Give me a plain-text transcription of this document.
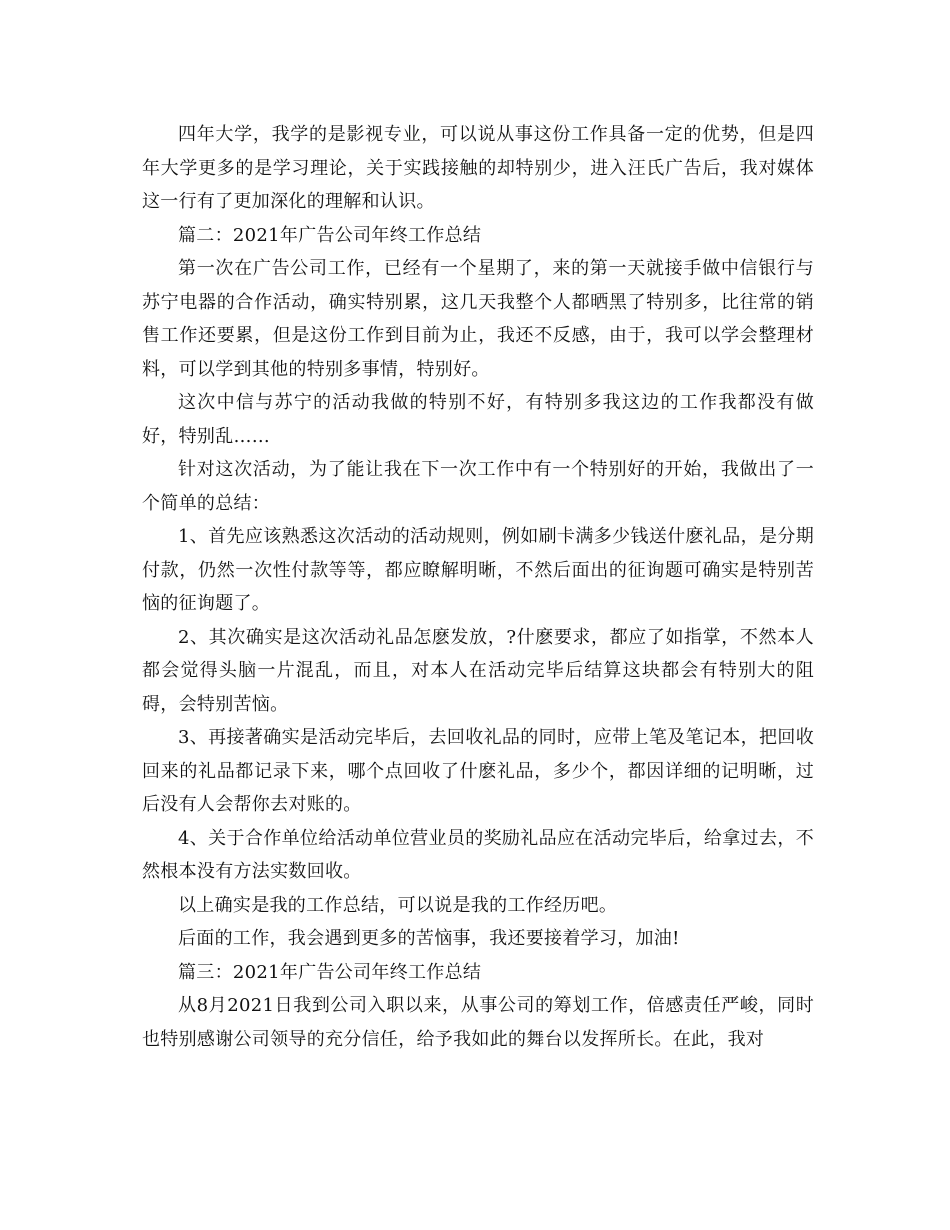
四年大学，我学的是影视专业，可以说从事这份工作具备一定的优势，但是四年大学更多的是学习理论，关于实践接触的却特别少，进入汪氏广告后，我对媒体这一行有了更加深化的理解和认识。

篇二：2021年广告公司年终工作总结

第一次在广告公司工作，已经有一个星期了，来的第一天就接手做中信银行与苏宁电器的合作活动，确实特别累，这几天我整个人都晒黑了特别多，比往常的销售工作还要累，但是这份工作到目前为止，我还不反感，由于，我可以学会整理材料，可以学到其他的特别多事情，特别好。

这次中信与苏宁的活动我做的特别不好，有特别多我这边的工作我都没有做好，特别乱……

针对这次活动，为了能让我在下一次工作中有一个特别好的开始，我做出了一个简单的总结：

1、首先应该熟悉这次活动的活动规则，例如刷卡满多少钱送什麽礼品，是分期付款，仍然一次性付款等等，都应瞭解明晰，不然后面出的征询题可确实是特别苦恼的征询题了。

2、其次确实是这次活动礼品怎麽发放，?什麽要求，都应了如指掌，不然本人都会觉得头脑一片混乱，而且，对本人在活动完毕后结算这块都会有特别大的阻碍，会特别苦恼。

3、再接著确实是活动完毕后，去回收礼品的同时，应带上笔及笔记本，把回收回来的礼品都记录下来，哪个点回收了什麽礼品，多少个，都因详细的记明晰，过后没有人会帮你去对账的。

4、关于合作单位给活动单位营业员的奖励礼品应在活动完毕后，给拿过去，不然根本没有方法实数回收。

以上确实是我的工作总结，可以说是我的工作经历吧。

后面的工作，我会遇到更多的苦恼事，我还要接着学习，加油!

篇三：2021年广告公司年终工作总结

从8月2021日我到公司入职以来，从事公司的筹划工作，倍感责任严峻，同时也特别感谢公司领导的充分信任，给予我如此的舞台以发挥所长。在此，我对
